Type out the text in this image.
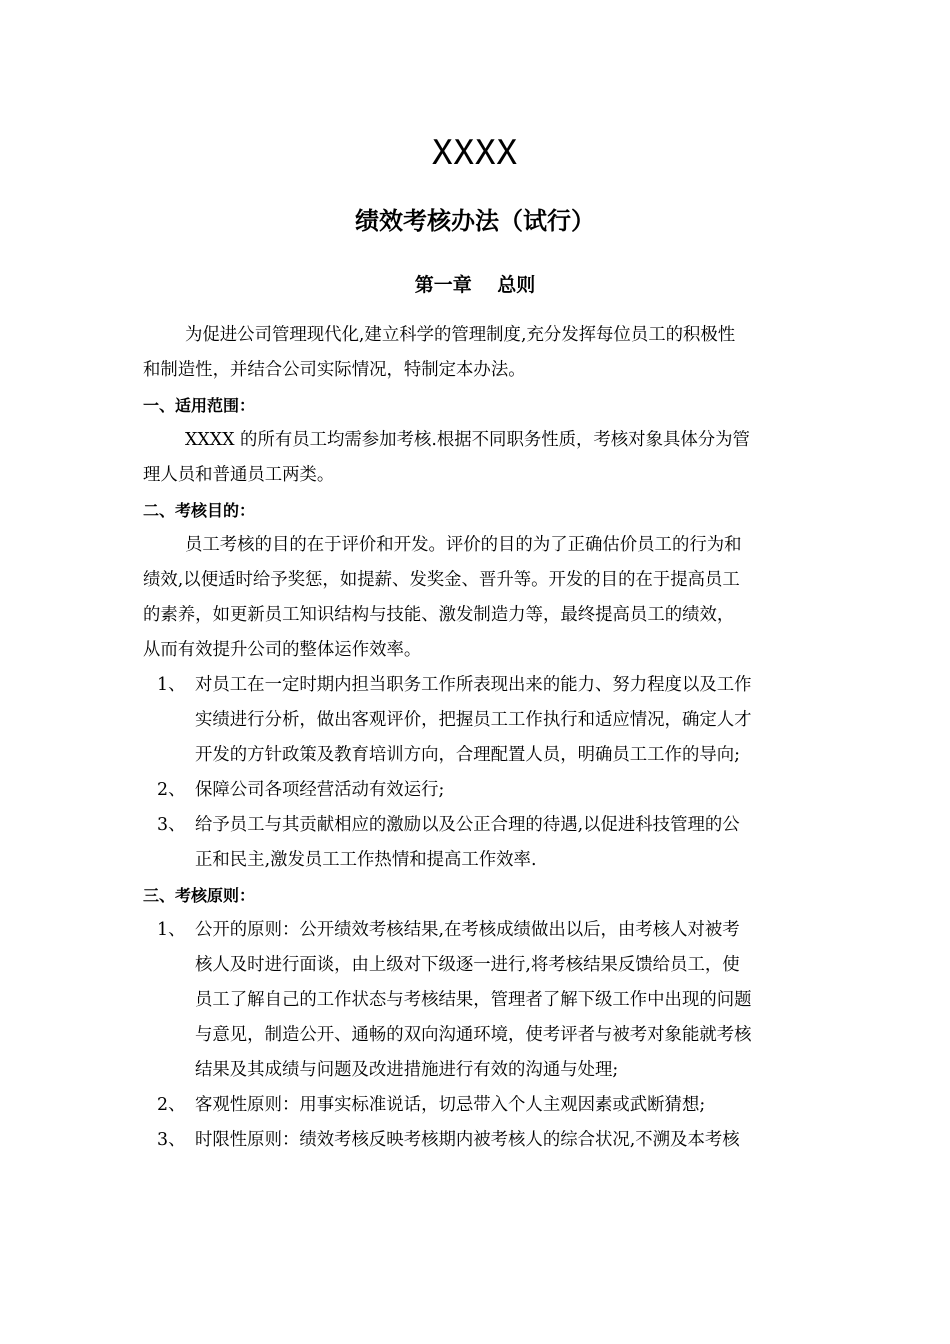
XXXX
绩效考核办法（试行）
第一章　 总则
为促进公司管理现代化,建立科学的管理制度,充分发挥每位员工的积极性
和制造性，并结合公司实际情况，特制定本办法。
一、适用范围：
XXXX 的所有员工均需参加考核.根据不同职务性质，考核对象具体分为管
理人员和普通员工两类。
二、考核目的：
员工考核的目的在于评价和开发。评价的目的为了正确估价员工的行为和
绩效,以便适时给予奖惩，如提薪、发奖金、晋升等。开发的目的在于提高员工
的素养，如更新员工知识结构与技能、激发制造力等，最终提高员工的绩效，
从而有效提升公司的整体运作效率。
1、 对员工在一定时期内担当职务工作所表现出来的能力、努力程度以及工作
实绩进行分析，做出客观评价，把握员工工作执行和适应情况，确定人才
开发的方针政策及教育培训方向，合理配置人员，明确员工工作的导向;
2、 保障公司各项经营活动有效运行;
3、 给予员工与其贡献相应的激励以及公正合理的待遇,以促进科技管理的公
正和民主,激发员工工作热情和提高工作效率.
三、考核原则：
1、 公开的原则：公开绩效考核结果,在考核成绩做出以后，由考核人对被考
核人及时进行面谈，由上级对下级逐一进行,将考核结果反馈给员工，使
员工了解自己的工作状态与考核结果，管理者了解下级工作中出现的问题
与意见，制造公开、通畅的双向沟通环境，使考评者与被考对象能就考核
结果及其成绩与问题及改进措施进行有效的沟通与处理;
2、 客观性原则：用事实标准说话，切忌带入个人主观因素或武断猜想;
3、 时限性原则：绩效考核反映考核期内被考核人的综合状况,不溯及本考核
